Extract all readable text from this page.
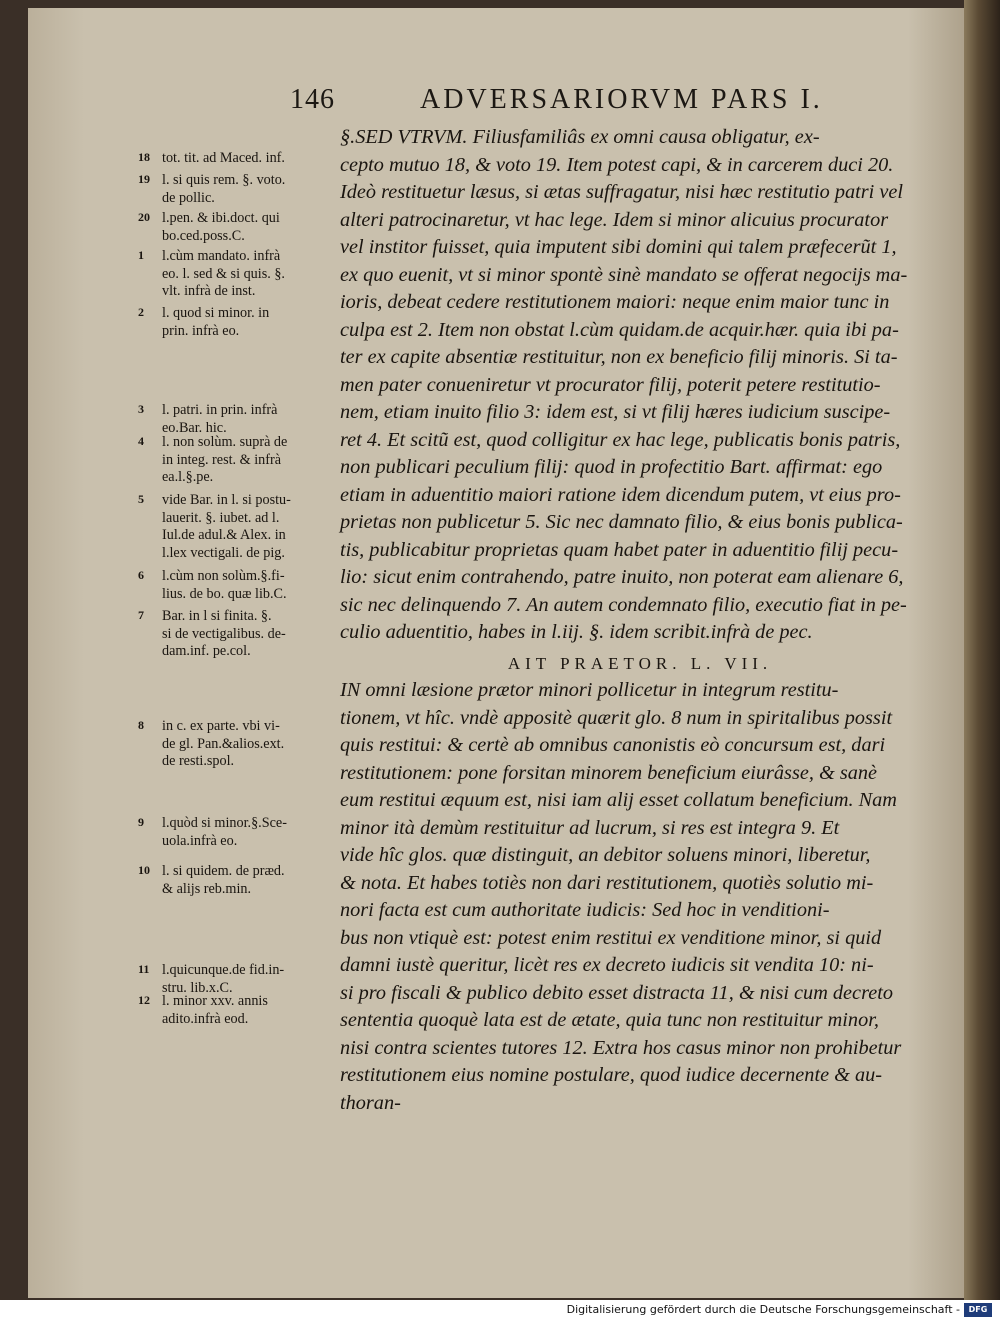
146	ADVERSARIORVM PARS I.
18 tot. tit. ad Maced. inf.
19 l. si quis rem. §. voto.
de pollic.
20 l.pen. & ibi.doct. qui
bo.ced.poss.C.
1	l.cùm mandato. infrà
eo. l. sed & si quis. §.
vlt. infrà de inst.
2	l. quod si minor. in
prin. infrà eo.
3	l. patri. in prin. infrà
eo.Bar. hic.
4	l. non solùm. suprà de
in integ. rest. & infrà
ea.l.§.pe.
5	vide Bar. in l. si postu-
lauerit. §. iubet. ad l.
Iul.de adul.& Alex. in
l.lex vectigali. de pig.
6	l.cùm non solùm.§.fi-
lius. de bo. quæ lib.C.
7	Bar. in l si finita. §.
si de vectigalibus. de-
dam.inf. pe.col.
8	in c. ex parte. vbi vi-
de gl. Pan.&alios.ext.
de resti.spol.
9	l.quòd si minor.§.Sce-
uola.infrà eo.
10 l. si quidem. de præd.
& alijs reb.min.
11 l.quicunque.de fid.in-
stru. lib.x.C.
12 l. minor xxv. annis
adito.infrà eod.
§.SED VTRVM. Filiusfamiliâs ex omni causa obligatur, ex-
cepto mutuo 18, & voto 19. Item potest capi, & in carcerem duci 20.
Ideò restituetur læsus, si ætas suffragatur, nisi hæc restitutio patri vel
alteri patrocinaretur, vt hac lege. Idem si minor alicuius procurator
vel institor fuisset, quia imputent sibi domini qui talem præfecerũt 1,
ex quo euenit, vt si minor spontè sinè mandato se offerat negocijs ma-
ioris, debeat cedere restitutionem maiori: neque enim maior tunc in
culpa est 2. Item non obstat l.cùm quidam.de acquir.hær. quia ibi pa-
ter ex capite absentiæ restituitur, non ex beneficio filij minoris. Si ta-
men pater conueniretur vt procurator filij, poterit petere restitutio-
nem, etiam inuito filio 3: idem est, si vt filij hæres iudicium suscipe-
ret 4. Et scitũ est, quod colligitur ex hac lege, publicatis bonis patris,
non publicari peculium filij: quod in profectitio Bart. affirmat: ego
etiam in aduentitio maiori ratione idem dicendum putem, vt eius pro-
prietas non publicetur 5. Sic nec damnato filio, & eius bonis publica-
tis, publicabitur proprietas quam habet pater in aduentitio filij pecu-
lio: sicut enim contrahendo, patre inuito, non poterat eam alienare 6,
sic nec delinquendo 7. An autem condemnato filio, executio fiat in pe-
culio aduentitio, habes in l.iij. §. idem scribit.infrà de pec.
AIT PRAETOR. L. VII.
IN omni læsione prætor minori pollicetur in integrum restitu-
tionem, vt hîc. vndè appositè quærit glo. 8 num in spiritalibus possit
quis restitui: & certè ab omnibus canonistis eò concursum est, dari
restitutionem: pone forsitan minorem beneficium eiurâsse, & sanè
eum restitui æquum est, nisi iam alij esset collatum beneficium. Nam
minor ità demùm restituitur ad lucrum, si res est integra 9. Et
vide hîc glos. quæ distinguit, an debitor soluens minori, liberetur,
& nota. Et habes totiès non dari restitutionem, quotiès solutio mi-
nori facta est cum authoritate iudicis: Sed hoc in venditioni-
bus non vtiquè est: potest enim restitui ex venditione minor, si quid
damni iustè queritur, licèt res ex decreto iudicis sit vendita 10: ni-
si pro fiscali & publico debito esset distracta 11, & nisi cum decreto
sententia quoquè lata est de ætate, quia tunc non restituitur minor,
nisi contra scientes tutores 12. Extra hos casus minor non prohibetur
restitutionem eius nomine postulare, quod iudice decernente & au-
thoran-
Digitalisierung gefördert durch die Deutsche Forschungsgemeinschaft -	DFG
